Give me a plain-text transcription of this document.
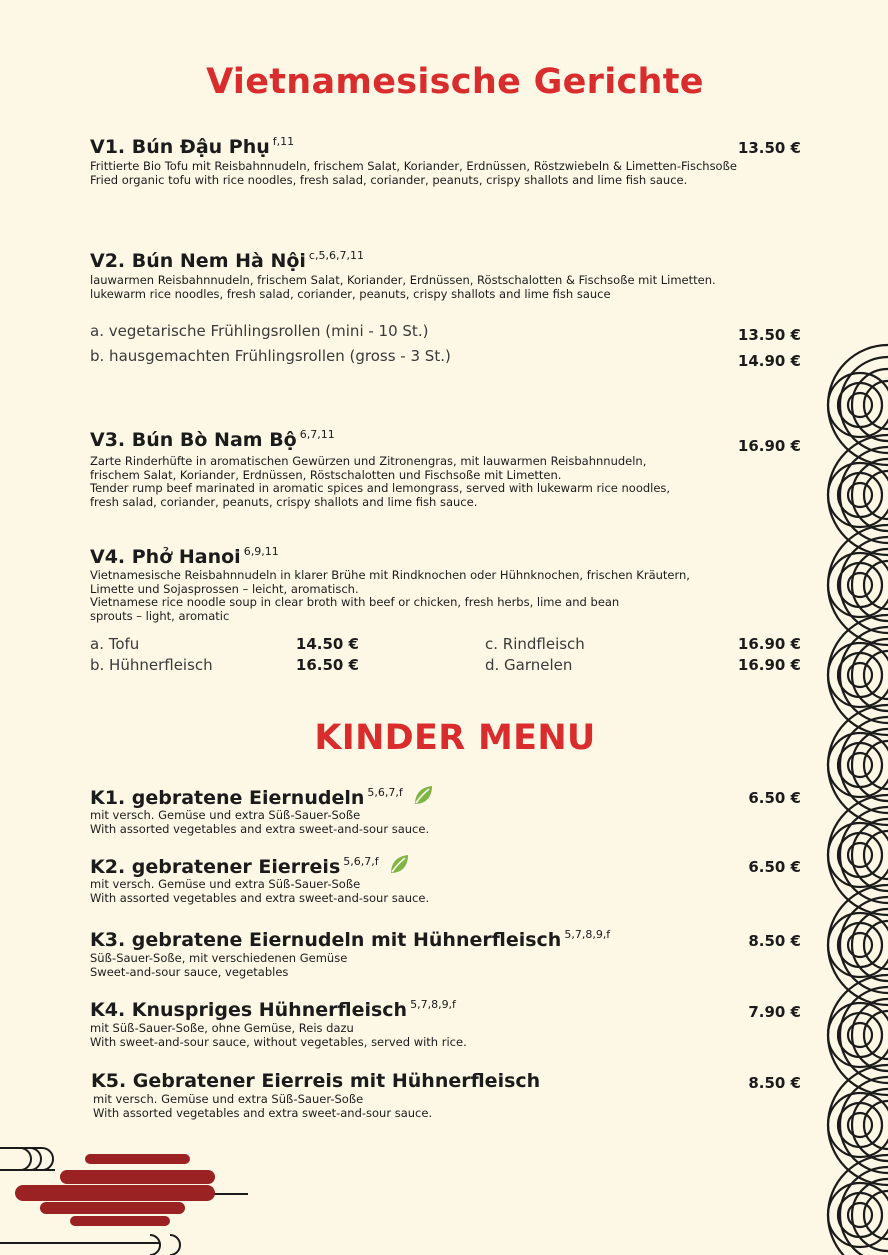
Vietnamesische Gerichte
V1. Bún Đậu Phụ $^{f,11}$	13.50 €
Frittierte Bio Tofu mit Reisbahnnudeln, frischem Salat, Koriander, Erdnüssen, Röstzwiebeln & Limetten-Fischsoße
Fried organic tofu with rice noodles, fresh salad, coriander, peanuts, crispy shallots and lime fish sauce.
V2. Bún Nem Hà Nội $^{c,5,6,7,11}$
lauwarmen Reisbahnnudeln, frischem Salat, Koriander, Erdnüssen, Röstschalotten & Fischsoße mit Limetten.
lukewarm rice noodles, fresh salad, coriander, peanuts, crispy shallots and lime fish sauce
a. vegetarische Frühlingsrollen (mini - 10 St.)	13.50 €
b. hausgemachten Frühlingsrollen (gross - 3 St.)	14.90 €
V3. Bún Bò Nam Bộ $^{6,7,11}$
16.90 €
Zarte Rinderhüfte in aromatischen Gewürzen und Zitronengras, mit lauwarmen Reisbahnnudeln,
frischem Salat, Koriander, Erdnüssen, Röstschalotten und Fischsoße mit Limetten.
Tender rump beef marinated in aromatic spices and lemongrass, served with lukewarm rice noodles,
fresh salad, coriander, peanuts, crispy shallots and lime fish sauce.
V4. Phở Hanoi $^{6,9,11}$
Vietnamesische Reisbahnnudeln in klarer Brühe mit Rindknochen oder Hühnknochen, frischen Kräutern,
Limette und Sojasprossen – leicht, aromatisch.
Vietnamese rice noodle soup in clear broth with beef or chicken, fresh herbs, lime and bean
sprouts – light, aromatic
a. Tofu	14.50 €
b. Hühnerfleisch	16.50 €
c. Rindfleisch	16.90 €
d. Garnelen	16.90 €
KINDER MENU
K1. gebratene Eiernudeln $^{5,6,7,f}$	6.50 €
mit versch. Gemüse und extra Süß-Sauer-Soße
With assorted vegetables and extra sweet-and-sour sauce.
K2. gebratener Eierreis $^{5,6,7,f}$	6.50 €
mit versch. Gemüse und extra Süß-Sauer-Soße
With assorted vegetables and extra sweet-and-sour sauce.
K3. gebratene Eiernudeln mit Hühnerfleisch $^{5,7,8,9,f}$	8.50 €
Süß-Sauer-Soße, mit verschiedenen Gemüse
Sweet-and-sour sauce, vegetables
K4. Knuspriges Hühnerfleisch $^{5,7,8,9,f}$	7.90 €
mit Süß-Sauer-Soße, ohne Gemüse, Reis dazu
With sweet-and-sour sauce, without vegetables, served with rice.
K5. Gebratener Eierreis mit Hühnerfleisch	8.50 €
mit versch. Gemüse und extra Süß-Sauer-Soße
With assorted vegetables and extra sweet-and-sour sauce.
